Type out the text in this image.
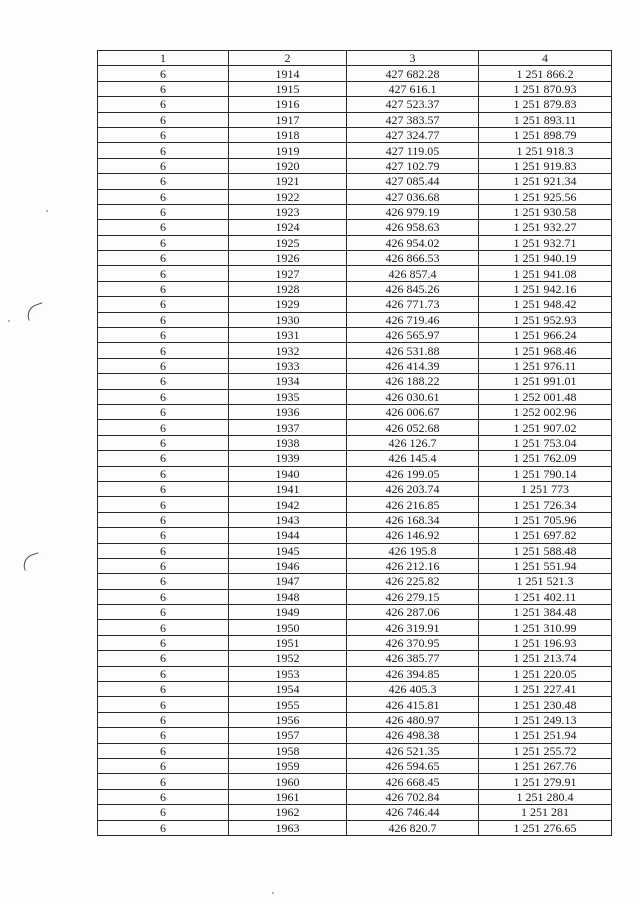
1	2	3	4
6	1914	427 682.28	1 251 866.2
6	1915	427 616.1	1 251 870.93
6	1916	427 523.37	1 251 879.83
6	1917	427 383.57	1 251 893.11
6	1918	427 324.77	1 251 898.79
6	1919	427 119.05	1 251 918.3
6	1920	427 102.79	1 251 919.83
6	1921	427 085.44	1 251 921.34
6	1922	427 036.68	1 251 925.56
6	1923	426 979.19	1 251 930.58
6	1924	426 958.63	1 251 932.27
6	1925	426 954.02	1 251 932.71
6	1926	426 866.53	1 251 940.19
6	1927	426 857.4	1 251 941.08
6	1928	426 845.26	1 251 942.16
6	1929	426 771.73	1 251 948.42
6	1930	426 719.46	1 251 952.93
6	1931	426 565.97	1 251 966.24
6	1932	426 531.88	1 251 968.46
6	1933	426 414.39	1 251 976.11
6	1934	426 188.22	1 251 991.01
6	1935	426 030.61	1 252 001.48
6	1936	426 006.67	1 252 002.96
6	1937	426 052.68	1 251 907.02
6	1938	426 126.7	1 251 753.04
6	1939	426 145.4	1 251 762.09
6	1940	426 199.05	1 251 790.14
6	1941	426 203.74	1 251 773
6	1942	426 216.85	1 251 726.34
6	1943	426 168.34	1 251 705.96
6	1944	426 146.92	1 251 697.82
6	1945	426 195.8	1 251 588.48
6	1946	426 212.16	1 251 551.94
6	1947	426 225.82	1 251 521.3
6	1948	426 279.15	1 251 402.11
6	1949	426 287.06	1 251 384.48
6	1950	426 319.91	1 251 310.99
6	1951	426 370.95	1 251 196.93
6	1952	426 385.77	1 251 213.74
6	1953	426 394.85	1 251 220.05
6	1954	426 405.3	1 251 227.41
6	1955	426 415.81	1 251 230.48
6	1956	426 480.97	1 251 249.13
6	1957	426 498.38	1 251 251.94
6	1958	426 521.35	1 251 255.72
6	1959	426 594.65	1 251 267.76
6	1960	426 668.45	1 251 279.91
6	1961	426 702.84	1 251 280.4
6	1962	426 746.44	1 251 281
6	1963	426 820.7	1 251 276.65
